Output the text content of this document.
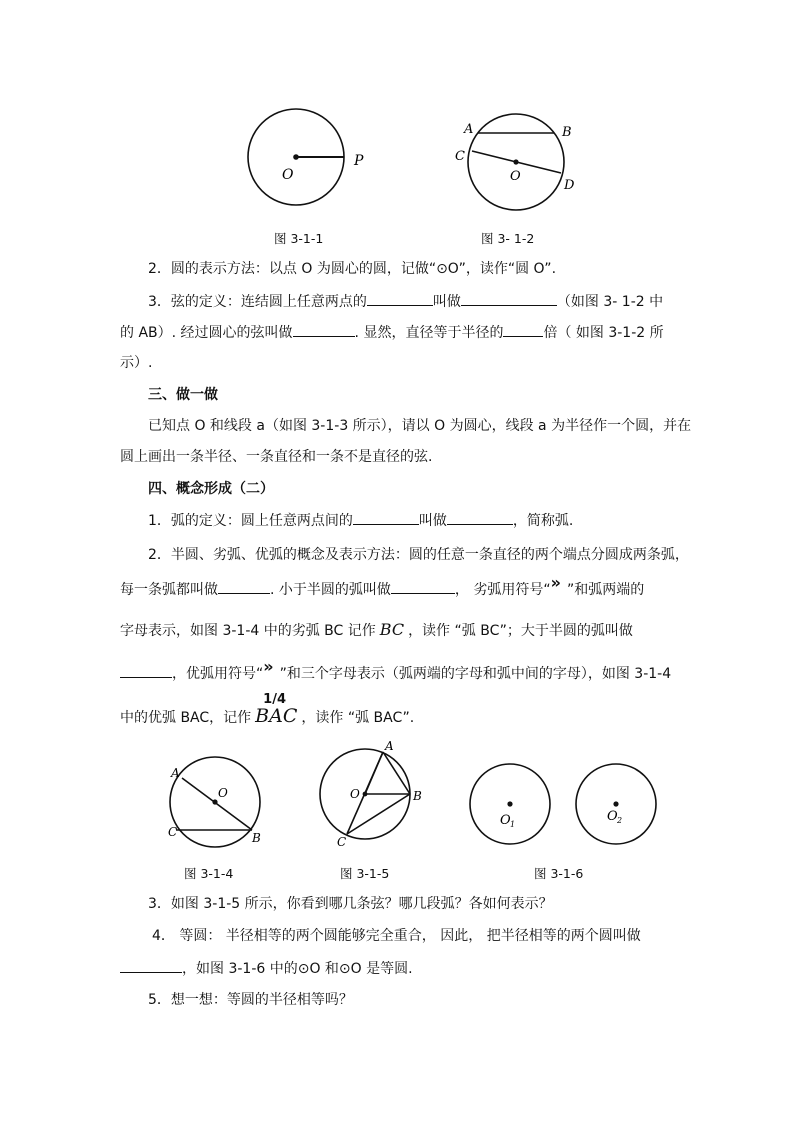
O
P
图 3-1-1
A	B
C
O
D
图 3- 1-2
2．圆的表示方法：以点 O 为圆心的圆，记做“⊙O”，读作“圆 O”.
3．弦的定义：连结圆上任意两点的	叫做	（如图 3- 1-2 中
的 AB）. 经过圆心的弦叫做	. 显然，直径等于半径的	倍（ 如图 3-1-2 所
示）.
三、做一做
已知点 O 和线段 a（如图 3-1-3 所示），请以 O 为圆心，线段 a 为半径作一个圆，并在
圆上画出一条半径、一条直径和一条不是直径的弦.
四、概念形成（二）
1．弧的定义：圆上任意两点间的	叫做	，简称弧.
2．半圆、劣弧、优弧的概念及表示方法：圆的任意一条直径的两个端点分圆成两条弧，
每一条弧都叫做	. 小于半圆的弧叫做	， 劣弧用符号“» ”和弧两端的
字母表示，如图 3-1-4 中的劣弧 BC 记作 BC ，读作 “弧 BC”；大于半圆的弧叫做
，优弧用符号“» ”和三个字母表示（弧两端的字母和弧中间的字母），如图 3-1-4
中的优弧 BAC，记作
1/4
BAC ，读作 “弧 BAC”.
A
O
C	B
图 3-1-4
A
O	B
C
图 3-1-5
O 1
O 2
图 3-1-6
3．如图 3-1-5 所示，你看到哪几条弦？哪几段弧？各如何表示？
4． 等圆： 半径相等的两个圆能够完全重合， 因此， 把半径相等的两个圆叫做
，如图 3-1-6 中的⊙O 和⊙O 是等圆.
5．想一想：等圆的半径相等吗？
